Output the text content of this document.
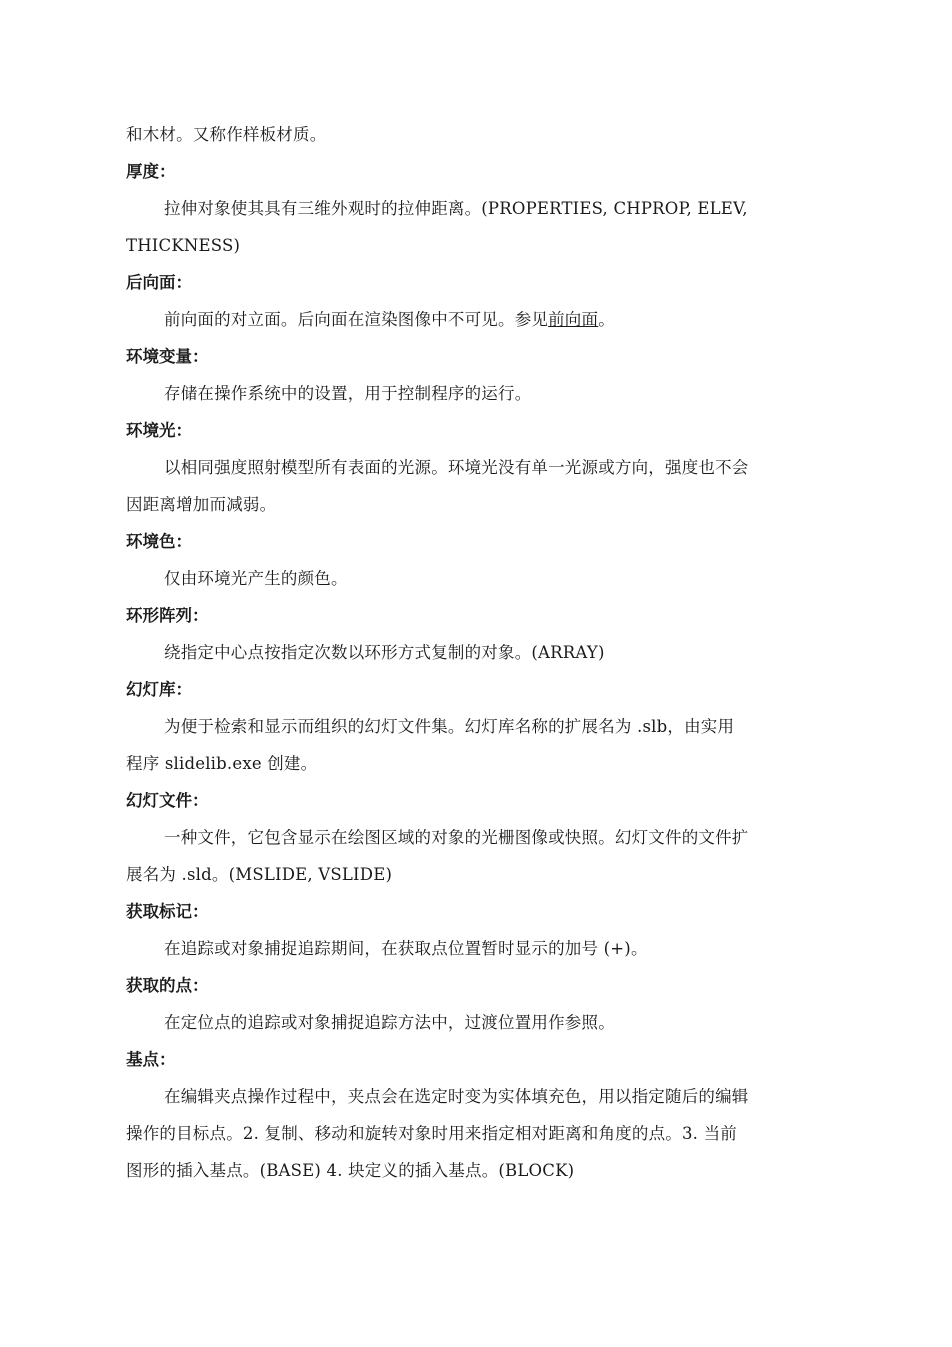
和木材。又称作样板材质。
厚度：
拉伸对象使其具有三维外观时的拉伸距离。(PROPERTIES, CHPROP, ELEV,
THICKNESS)
后向面：
前向面的对立面。后向面在渲染图像中不可见。参见前向面。
环境变量：
存储在操作系统中的设置，用于控制程序的运行。
环境光：
以相同强度照射模型所有表面的光源。环境光没有单一光源或方向，强度也不会
因距离增加而减弱。
环境色：
仅由环境光产生的颜色。
环形阵列：
绕指定中心点按指定次数以环形方式复制的对象。(ARRAY)
幻灯库：
为便于检索和显示而组织的幻灯文件集。幻灯库名称的扩展名为 .slb，由实用
程序 slidelib.exe 创建。
幻灯文件：
一种文件，它包含显示在绘图区域的对象的光栅图像或快照。幻灯文件的文件扩
展名为 .sld。(MSLIDE, VSLIDE)
获取标记：
在追踪或对象捕捉追踪期间，在获取点位置暂时显示的加号 (+)。
获取的点：
在定位点的追踪或对象捕捉追踪方法中，过渡位置用作参照。
基点：
在编辑夹点操作过程中，夹点会在选定时变为实体填充色，用以指定随后的编辑
操作的目标点。2. 复制、移动和旋转对象时用来指定相对距离和角度的点。3. 当前
图形的插入基点。(BASE) 4. 块定义的插入基点。(BLOCK)
